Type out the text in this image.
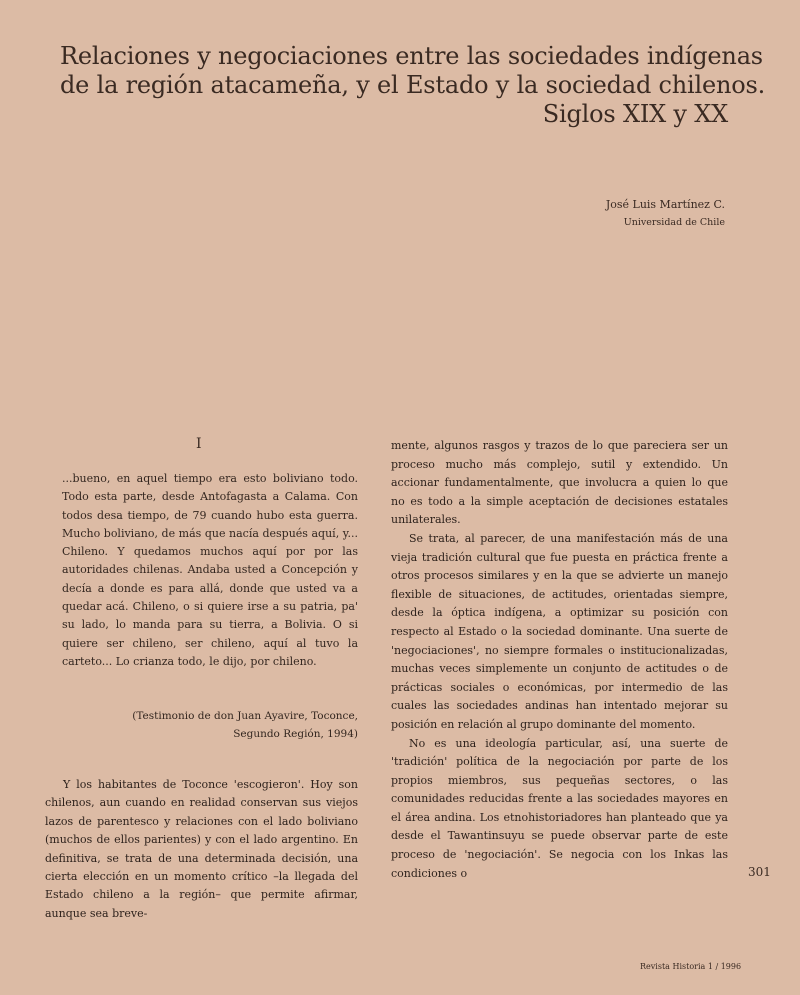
Relaciones y negociaciones entre las sociedades indígenas
de la región atacameña, y el Estado y la sociedad chilenos.
Siglos XIX y XX
José Luis Martínez C.
Universidad de Chile
I
...bueno, en aquel tiempo era esto boliviano todo. Todo esta parte, desde Antofagasta a Calama. Con todos desa tiempo, de 79 cuando hubo esta guerra. Mucho boliviano, de más que nacía después aquí, y... Chileno. Y quedamos muchos aquí por por las autoridades chilenas. Andaba usted a Concepción y decía a donde es para allá, donde que usted va a quedar acá. Chileno, o si quiere irse a su patria, pa' su lado, lo manda para su tierra, a Bolivia. O si quiere ser chileno, ser chileno, aquí al tuvo la carteto... Lo crianza todo, le dijo, por chileno.
(Testimonio de don Juan Ayavire, Toconce,
Segundo Región, 1994)
Y los habitantes de Toconce 'escogieron'. Hoy son chilenos, aun cuando en realidad conservan sus viejos lazos de parentesco y relaciones con el lado boliviano (muchos de ellos parientes) y con el lado argentino. En definitiva, se trata de una determinada decisión, una cierta elección en un momento crítico –la llegada del Estado chileno a la región– que permite afirmar, aunque sea breve-

mente, algunos rasgos y trazos de lo que pareciera ser un proceso mucho más complejo, sutil y extendido. Un accionar fundamentalmente, que involucra a quien lo que no es todo a la simple aceptación de decisiones estatales unilaterales.

Se trata, al parecer, de una manifestación más de una vieja tradición cultural que fue puesta en práctica frente a otros procesos similares y en la que se advierte un manejo flexible de situaciones, de actitudes, orientadas siempre, desde la óptica indígena, a optimizar su posición con respecto al Estado o la sociedad dominante. Una suerte de 'negociaciones', no siempre formales o institucionalizadas, muchas veces simplemente un conjunto de actitudes o de prácticas sociales o económicas, por intermedio de las cuales las sociedades andinas han intentado mejorar su posición en relación al grupo dominante del momento.

No es una ideología particular, así, una suerte de 'tradición' política de la negociación por parte de los propios miembros, sus pequeñas sectores, o las comunidades reducidas frente a las sociedades mayores en el área andina. Los etnohistoriadores han planteado que ya desde el Tawantinsuyu se puede observar parte de este proceso de 'negociación'. Se negocia con los Inkas las condiciones o	301
Revista Historia 1 / 1996
